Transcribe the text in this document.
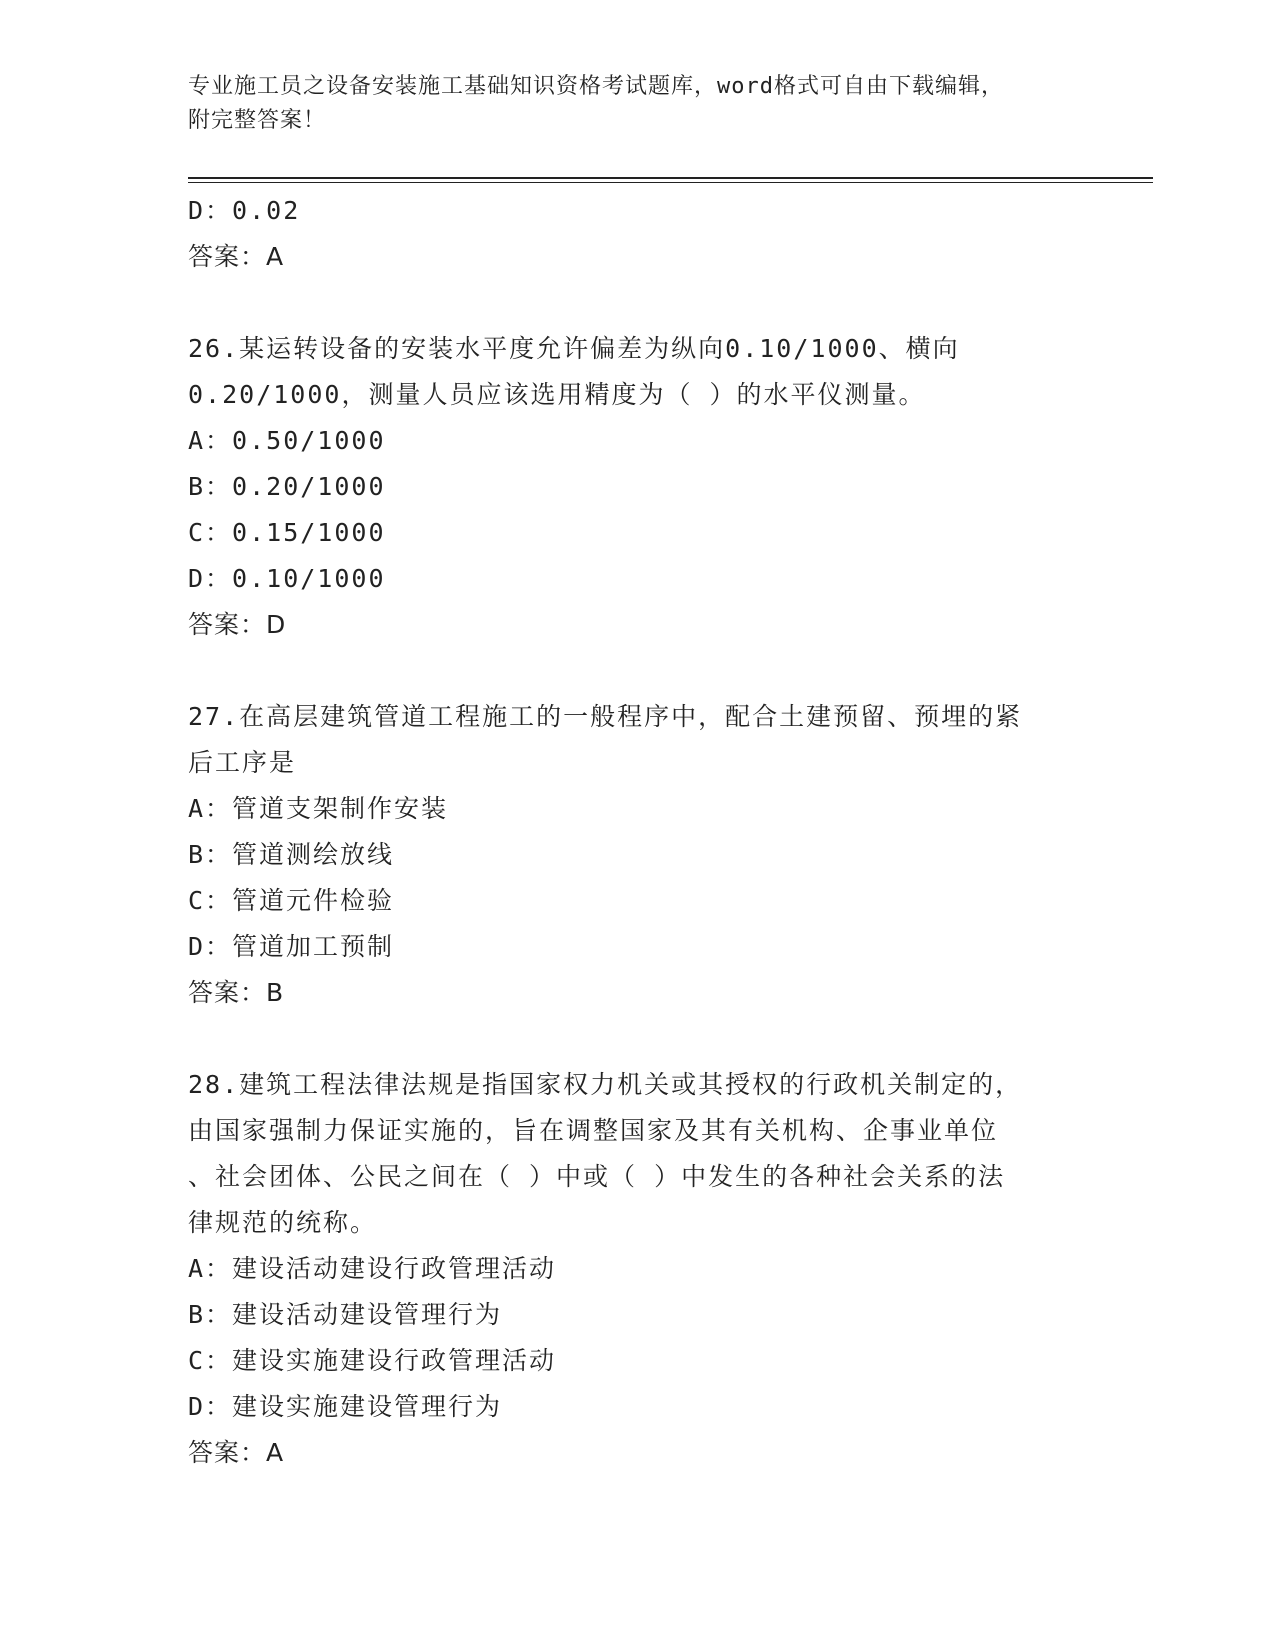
专业施工员之设备安装施工基础知识资格考试题库，word格式可自由下载编辑，
附完整答案！
D：0.02
答案：A
26.某运转设备的安装水平度允许偏差为纵向0.10/1000、横向
0.20/1000，测量人员应该选用精度为（ ）的水平仪测量。
A：0.50/1000
B：0.20/1000
C：0.15/1000
D：0.10/1000
答案：D
27.在高层建筑管道工程施工的一般程序中，配合土建预留、预埋的紧
后工序是
A：管道支架制作安装
B：管道测绘放线
C：管道元件检验
D：管道加工预制
答案：B
28.建筑工程法律法规是指国家权力机关或其授权的行政机关制定的，
由国家强制力保证实施的，旨在调整国家及其有关机构、企事业单位
、社会团体、公民之间在（ ）中或（ ）中发生的各种社会关系的法
律规范的统称。
A：建设活动建设行政管理活动
B：建设活动建设管理行为
C：建设实施建设行政管理活动
D：建设实施建设管理行为
答案：A
